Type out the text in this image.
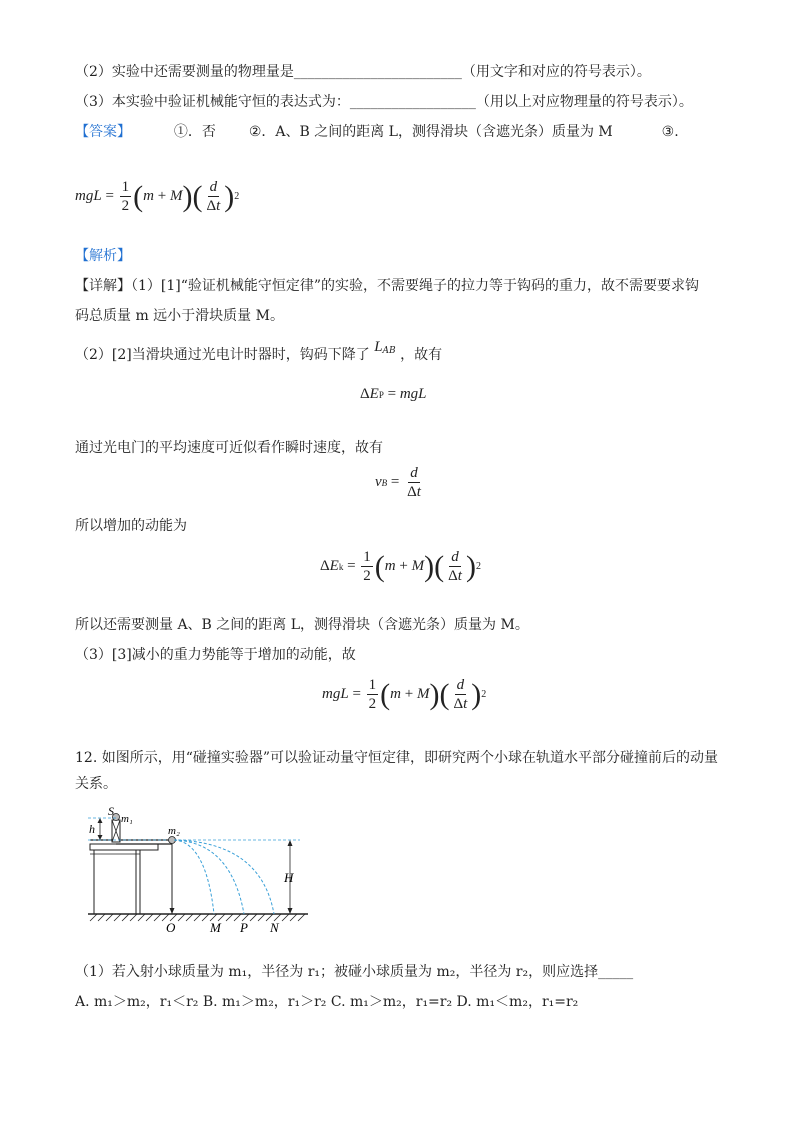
（2）实验中还需要测量的物理量是________________________（用文字和对应的符号表示）。
（3）本实验中验证机械能守恒的表达式为：__________________（用以上对应物理量的符号表示）。
【答案】	①．否 ②．A、B 之间的距离 L，测得滑块（含遮光条）质量为 M	③.
mgL = $\frac{1}{2}$ ( m + M ) ( $\frac{d}{\Delta t}$ ) 2
【解析】
【详解】（1）[1]“验证机械能守恒定律”的实验，不需要绳子的拉力等于钩码的重力，故不需要要求钩
码总质量 m 远小于滑块质量 M。
（2）[2]当滑块通过光电计时器时，钩码下降了 $L^{AB}$ ，故有
Δ E P = mgL
通过光电门的平均速度可近似看作瞬时速度，故有
v $B = \frac{d}{\Delta t}$
所以增加的动能为
Δ E $k = \frac{1}{2}$ ( m + M ) ( $\frac{d}{\Delta t}$ ) 2
所以还需要测量 A、B 之间的距离 L，测得滑块（含遮光条）质量为 M。
（3）[3]减小的重力势能等于增加的动能，故
mgL = $\frac{1}{2}$ ( m + M ) ( $\frac{d}{\Delta t}$ ) 2
12. 如图所示，用“碰撞实验器”可以验证动量守恒定律，即研究两个小球在轨道水平部分碰撞前后的动量
关系。
S
m₁
m₂
h
H
O	M P N
（1）若入射小球质量为 m₁，半径为 r₁；被碰小球质量为 m₂，半径为 r₂，则应选择_____
A. m₁＞m₂，r₁＜r₂ B. m₁＞m₂，r₁＞r₂ C. m₁＞m₂，r₁=r₂ D. m₁＜m₂，r₁=r₂
